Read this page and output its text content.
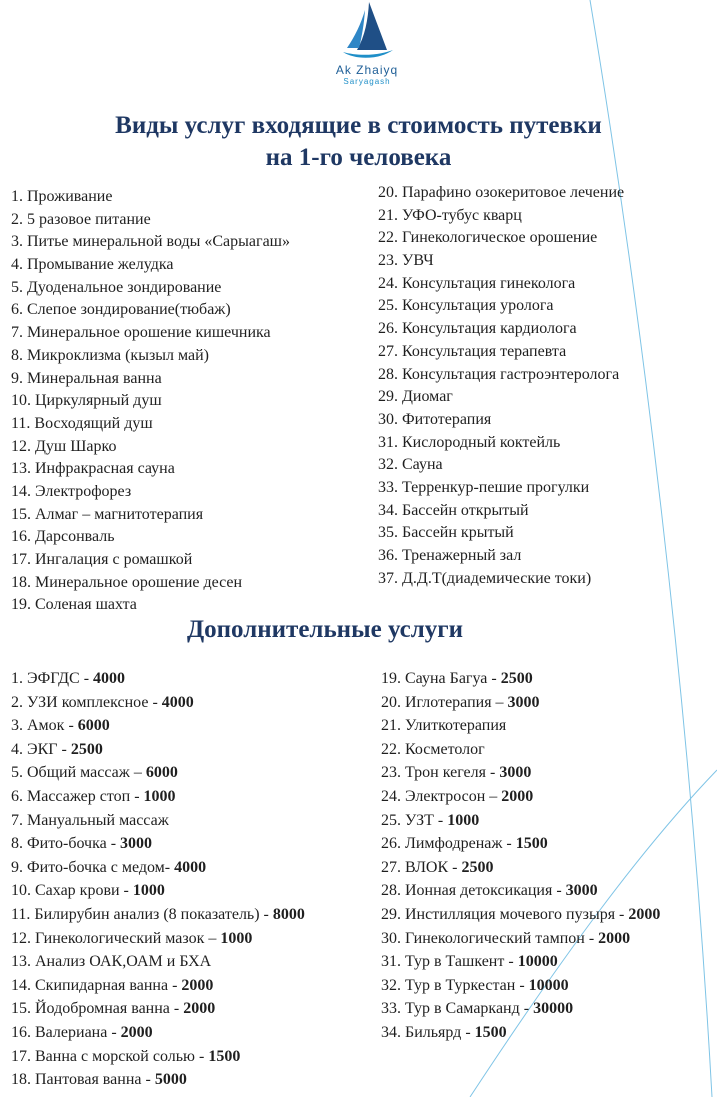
Ak Zhaiyq
Saryagash
Виды услуг входящие в стоимость путевки
на 1-го человека
1. Проживание
2. 5 разовое питание
3. Питье минеральной воды «Сарыагаш»
4. Промывание желудка
5. Дуоденальное зондирование
6. Слепое зондирование(тюбаж)
7. Минеральное орошение кишечника
8. Микроклизма (кызыл май)
9. Минеральная ванна
10. Циркулярный душ
11. Восходящий душ
12. Душ Шарко
13. Инфракрасная сауна
14. Электрофорез
15. Алмаг – магнитотерапия
16. Дарсонваль
17. Ингалация с ромашкой
18. Минеральное орошение десен
19. Соленая шахта
20. Парафино озокеритовое лечение
21. УФО-тубус кварц
22. Гинекологическое орошение
23. УВЧ
24. Консультация гинеколога
25. Консультация уролога
26. Консультация кардиолога
27. Консультация терапевта
28. Консультация гастроэнтеролога
29. Диомаг
30. Фитотерапия
31. Кислородный коктейль
32. Сауна
33. Терренкур-пешие прогулки
34. Бассейн открытый
35. Бассейн крытый
36. Тренажерный зал
37. Д.Д.Т(диадемические токи)
Дополнительные услуги
1. ЭФГДС - 4000
2. УЗИ комплексное - 4000
3. Амок - 6000
4. ЭКГ - 2500
5. Общий массаж – 6000
6. Массажер стоп - 1000
7. Мануальный массаж
8. Фито-бочка - 3000
9. Фито-бочка с медом- 4000
10. Сахар крови - 1000
11. Билирубин анализ (8 показатель) - 8000
12. Гинекологический мазок – 1000
13. Анализ ОАК,ОАМ и БХА
14. Скипидарная ванна - 2000
15. Йодобромная ванна - 2000
16. Валериана - 2000
17. Ванна с морской солью - 1500
18. Пантовая ванна - 5000
19. Сауна Багуа - 2500
20. Иглотерапия – 3000
21. Улиткотерапия
22. Косметолог
23. Трон кегеля - 3000
24. Электросон – 2000
25. УЗТ - 1000
26. Лимфодренаж - 1500
27. ВЛОК - 2500
28. Ионная детоксикация - 3000
29. Инстилляция мочевого пузыря - 2000
30. Гинекологический тампон - 2000
31. Тур в Ташкент - 10000
32. Тур в Туркестан - 10000
33. Тур в Самарканд - 30000
34. Бильярд - 1500
